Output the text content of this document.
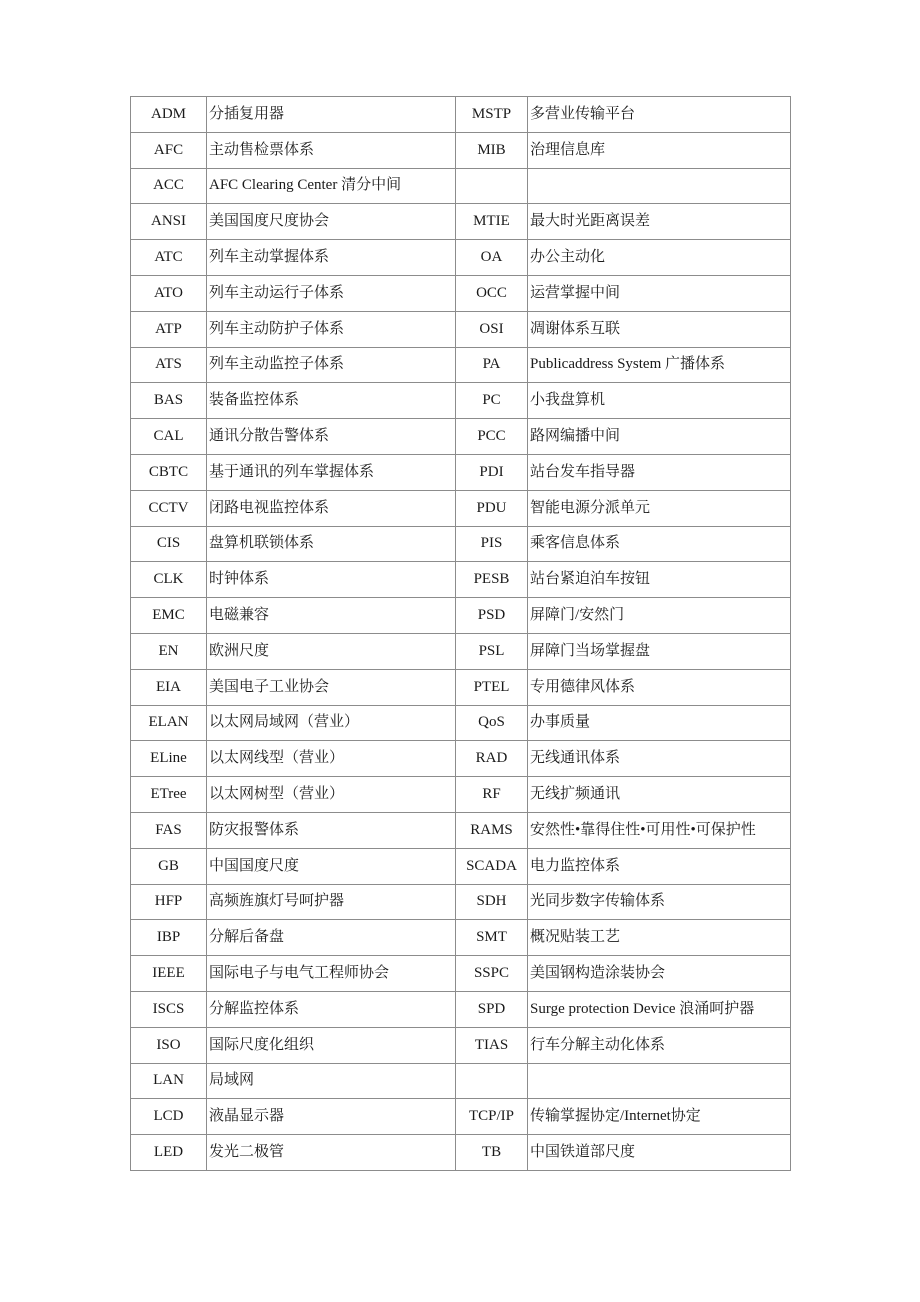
ADM	分插复用器	MSTP	多营业传输平台
AFC	主动售检票体系	MIB	治理信息库
ACC	AFC Clearing Center 清分中间		
ANSI	美国国度尺度协会	MTIE	最大时光距离误差
ATC	列车主动掌握体系	OA	办公主动化
ATO	列车主动运行子体系	OCC	运营掌握中间
ATP	列车主动防护子体系	OSI	凋谢体系互联
ATS	列车主动监控子体系	PA	Publicaddress System 广播体系
BAS	装备监控体系	PC	小我盘算机
CAL	通讯分散告警体系	PCC	路网编播中间
CBTC	基于通讯的列车掌握体系	PDI	站台发车指导器
CCTV	闭路电视监控体系	PDU	智能电源分派单元
CIS	盘算机联锁体系	PIS	乘客信息体系
CLK	时钟体系	PESB	站台紧迫泊车按钮
EMC	电磁兼容	PSD	屏障门/安然门
EN	欧洲尺度	PSL	屏障门当场掌握盘
EIA	美国电子工业协会	PTEL	专用德律风体系
ELAN	以太网局域网（营业）	QoS	办事质量
ELine	以太网线型（营业）	RAD	无线通讯体系
ETree	以太网树型（营业）	RF	无线扩频通讯
FAS	防灾报警体系	RAMS	安然性•靠得住性•可用性•可保护性
GB	中国国度尺度	SCADA	电力监控体系
HFP	高频旌旗灯号呵护器	SDH	光同步数字传输体系
IBP	分解后备盘	SMT	概况贴装工艺
IEEE	国际电子与电气工程师协会	SSPC	美国钢构造涂装协会
ISCS	分解监控体系	SPD	Surge protection Device 浪涌呵护器
ISO	国际尺度化组织	TIAS	行车分解主动化体系
LAN	局域网		
LCD	液晶显示器	TCP/IP	传输掌握协定/Internet协定
LED	发光二极管	TB	中国铁道部尺度
